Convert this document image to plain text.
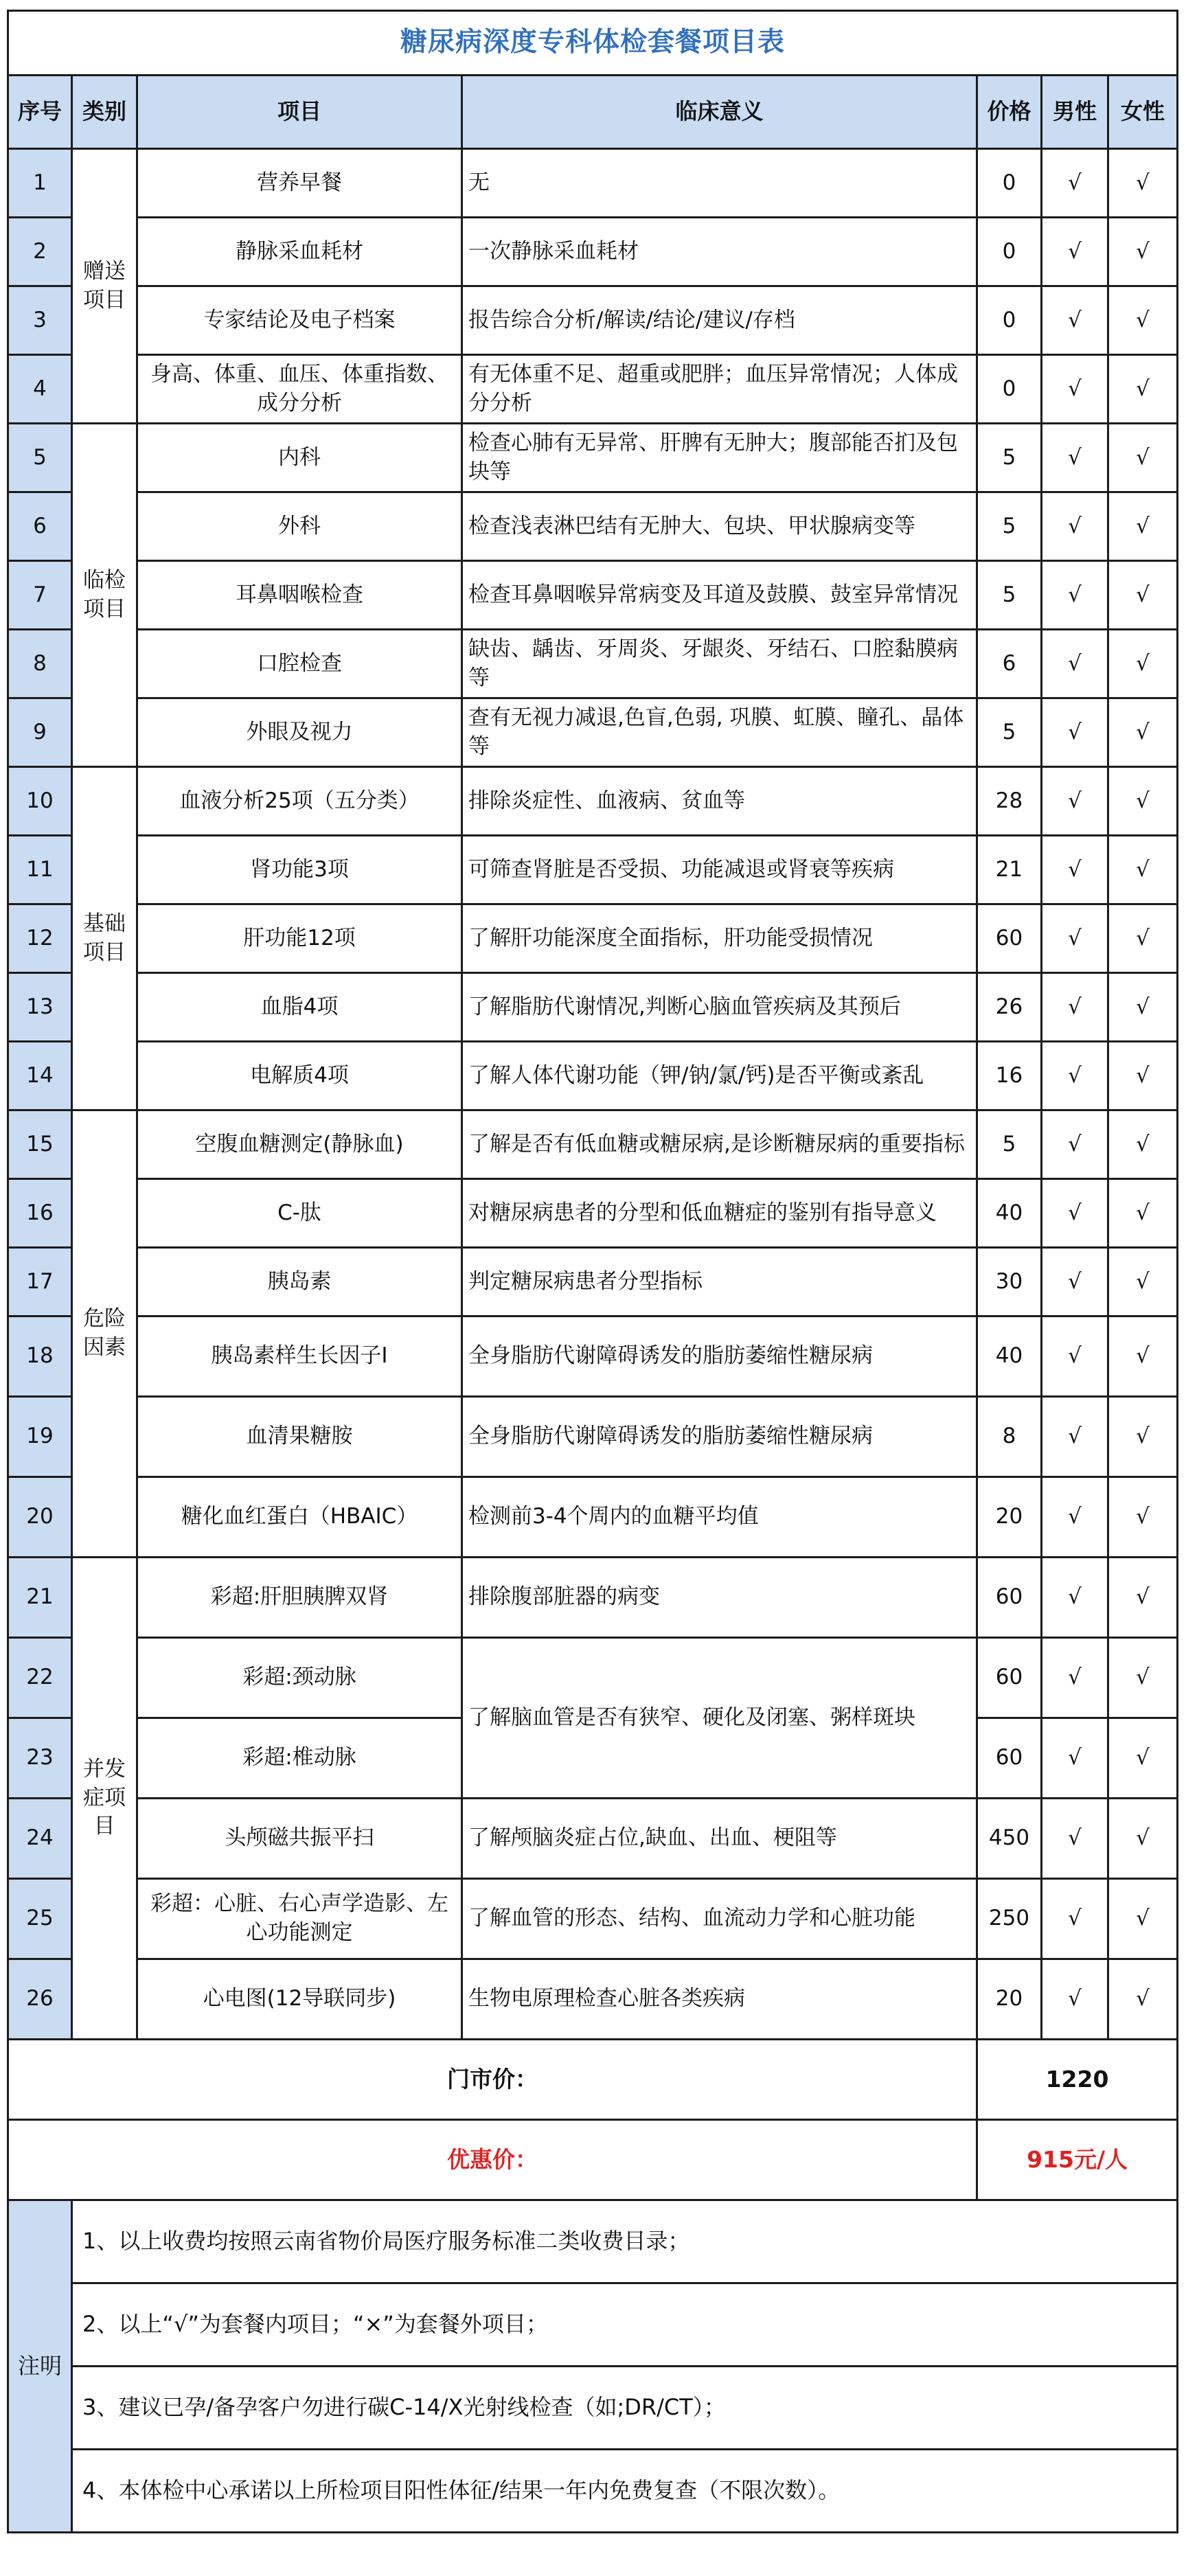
糖尿病深度专科体检套餐项目表						
序号	类别	项目	临床意义	价格	男性	女性
1	赠送项目	营养早餐	无	0	√	√
2		静脉采血耗材	一次静脉采血耗材	0	√	√
3		专家结论及电子档案	报告综合分析/解读/结论/建议/存档	0	√	√
4		身高、体重、血压、体重指数、成分分析	有无体重不足、超重或肥胖；血压异常情况；人体成分分析	0	√	√
5	临检项目	内科	检查心肺有无异常、肝脾有无肿大；腹部能否扪及包块等	5	√	√
6		外科	检查浅表淋巴结有无肿大、包块、甲状腺病变等	5	√	√
7		耳鼻咽喉检查	检查耳鼻咽喉异常病变及耳道及鼓膜、鼓室异常情况	5	√	√
8		口腔检查	缺齿、龋齿、牙周炎、牙龈炎、牙结石、口腔黏膜病等	6	√	√
9		外眼及视力	查有无视力减退,色盲,色弱, 巩膜、虹膜、瞳孔、晶体等	5	√	√
10	基础项目	血液分析25项（五分类）	排除炎症性、血液病、贫血等	28	√	√
11		肾功能3项	可筛查肾脏是否受损、功能减退或肾衰等疾病	21	√	√
12		肝功能12项	了解肝功能深度全面指标，肝功能受损情况	60	√	√
13		血脂4项	了解脂肪代谢情况,判断心脑血管疾病及其预后	26	√	√
14		电解质4项	了解人体代谢功能（钾/钠/氯/钙)是否平衡或紊乱	16	√	√
15	危险因素	空腹血糖测定(静脉血)	了解是否有低血糖或糖尿病,是诊断糖尿病的重要指标	5	√	√
16		C-肽	对糖尿病患者的分型和低血糖症的鉴别有指导意义	40	√	√
17		胰岛素	判定糖尿病患者分型指标	30	√	√
18		胰岛素样生长因子Ⅰ	全身脂肪代谢障碍诱发的脂肪萎缩性糖尿病	40	√	√
19		血清果糖胺	全身脂肪代谢障碍诱发的脂肪萎缩性糖尿病	8	√	√
20		糖化血红蛋白（HBAIC）	检测前3-4个周内的血糖平均值	20	√	√
21	并发症项目	彩超:肝胆胰脾双肾	排除腹部脏器的病变	60	√	√
22		彩超:颈动脉	了解脑血管是否有狭窄、硬化及闭塞、粥样斑块	60	√	√
23		彩超:椎动脉		60	√	√
24		头颅磁共振平扫	了解颅脑炎症占位,缺血、出血、梗阻等	450	√	√
25		彩超：心脏、右心声学造影、左心功能测定	了解血管的形态、结构、血流动力学和心脏功能	250	√	√
26		心电图(12导联同步)	生物电原理检查心脏各类疾病	20	√	√
门市价：				1220		
优惠价：				915元/人		
注明	1、以上收费均按照云南省物价局医疗服务标准二类收费目录；					
	2、以上“√”为套餐内项目；“×”为套餐外项目；					
	3、建议已孕/备孕客户勿进行碳C-14/X光射线检查（如;DR/CT）；					
	4、本体检中心承诺以上所检项目阳性体征/结果一年内免费复查（不限次数）。					
